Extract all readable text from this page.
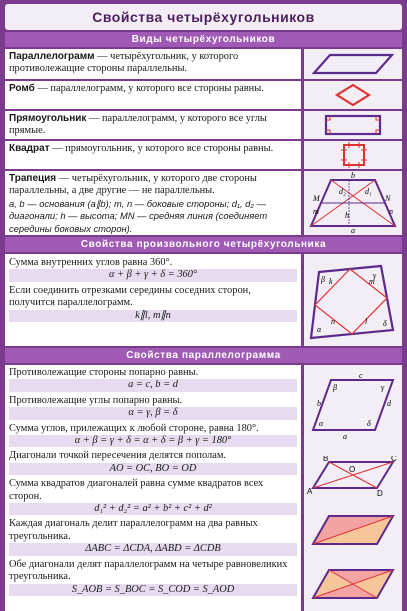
Свойства четырёхугольников
Виды четырёхугольников
Параллелограмм — четырёхугольник, у которого противолежащие стороны параллельны.
Ромб — параллелограмм, у которого все стороны равны.
Прямоугольник — параллелограмм, у которого все углы прямые.
Квадрат — прямоугольник, у которого все стороны равны.
Трапеция — четырёхугольник, у которого две стороны параллельны, а две другие — не параллельны.
a, b — основания (a∥b); m, n — боковые стороны; d₁, d₂ — диагонали; h — высота; MN — средняя линия (соединяет середины боковых сторон).
b
d₂ d₁
h
m	n
M	N
a
Свойства произвольного четырёхугольника
Сумма внутренних углов равна 360°.
α + β + γ + δ = 360°
Если соединить отрезками середины соседних сторон, получится параллелограмм.
k∥l, m∥n
β	γ
α
δ
k
l
m
n
Свойства параллелограмма
Противолежащие стороны попарно равны.
a = c, b = d
Противолежащие углы попарно равны.
α = γ, β = δ
Сумма углов, прилежащих к любой стороне, равна 180°.
α + β = γ + δ = α + δ = β + γ = 180°
Диагонали точкой пересечения делятся пополам.
AO = OC, BO = OD
Сумма квадратов диагоналей равна сумме квадратов всех сторон.
d₁² + d₂² = a² + b² + c² + d²
Каждая диагональ делит параллелограмм на два равных треугольника.
ΔABC = ΔCDA, ΔABD = ΔCDB
Обе диагонали делят параллелограмм на четыре равновеликих треугольника.
S_AOB = S_BOC = S_COD = S_AOD
b
c
a
d
β	γ
α	δ
A
B	C
D
O
